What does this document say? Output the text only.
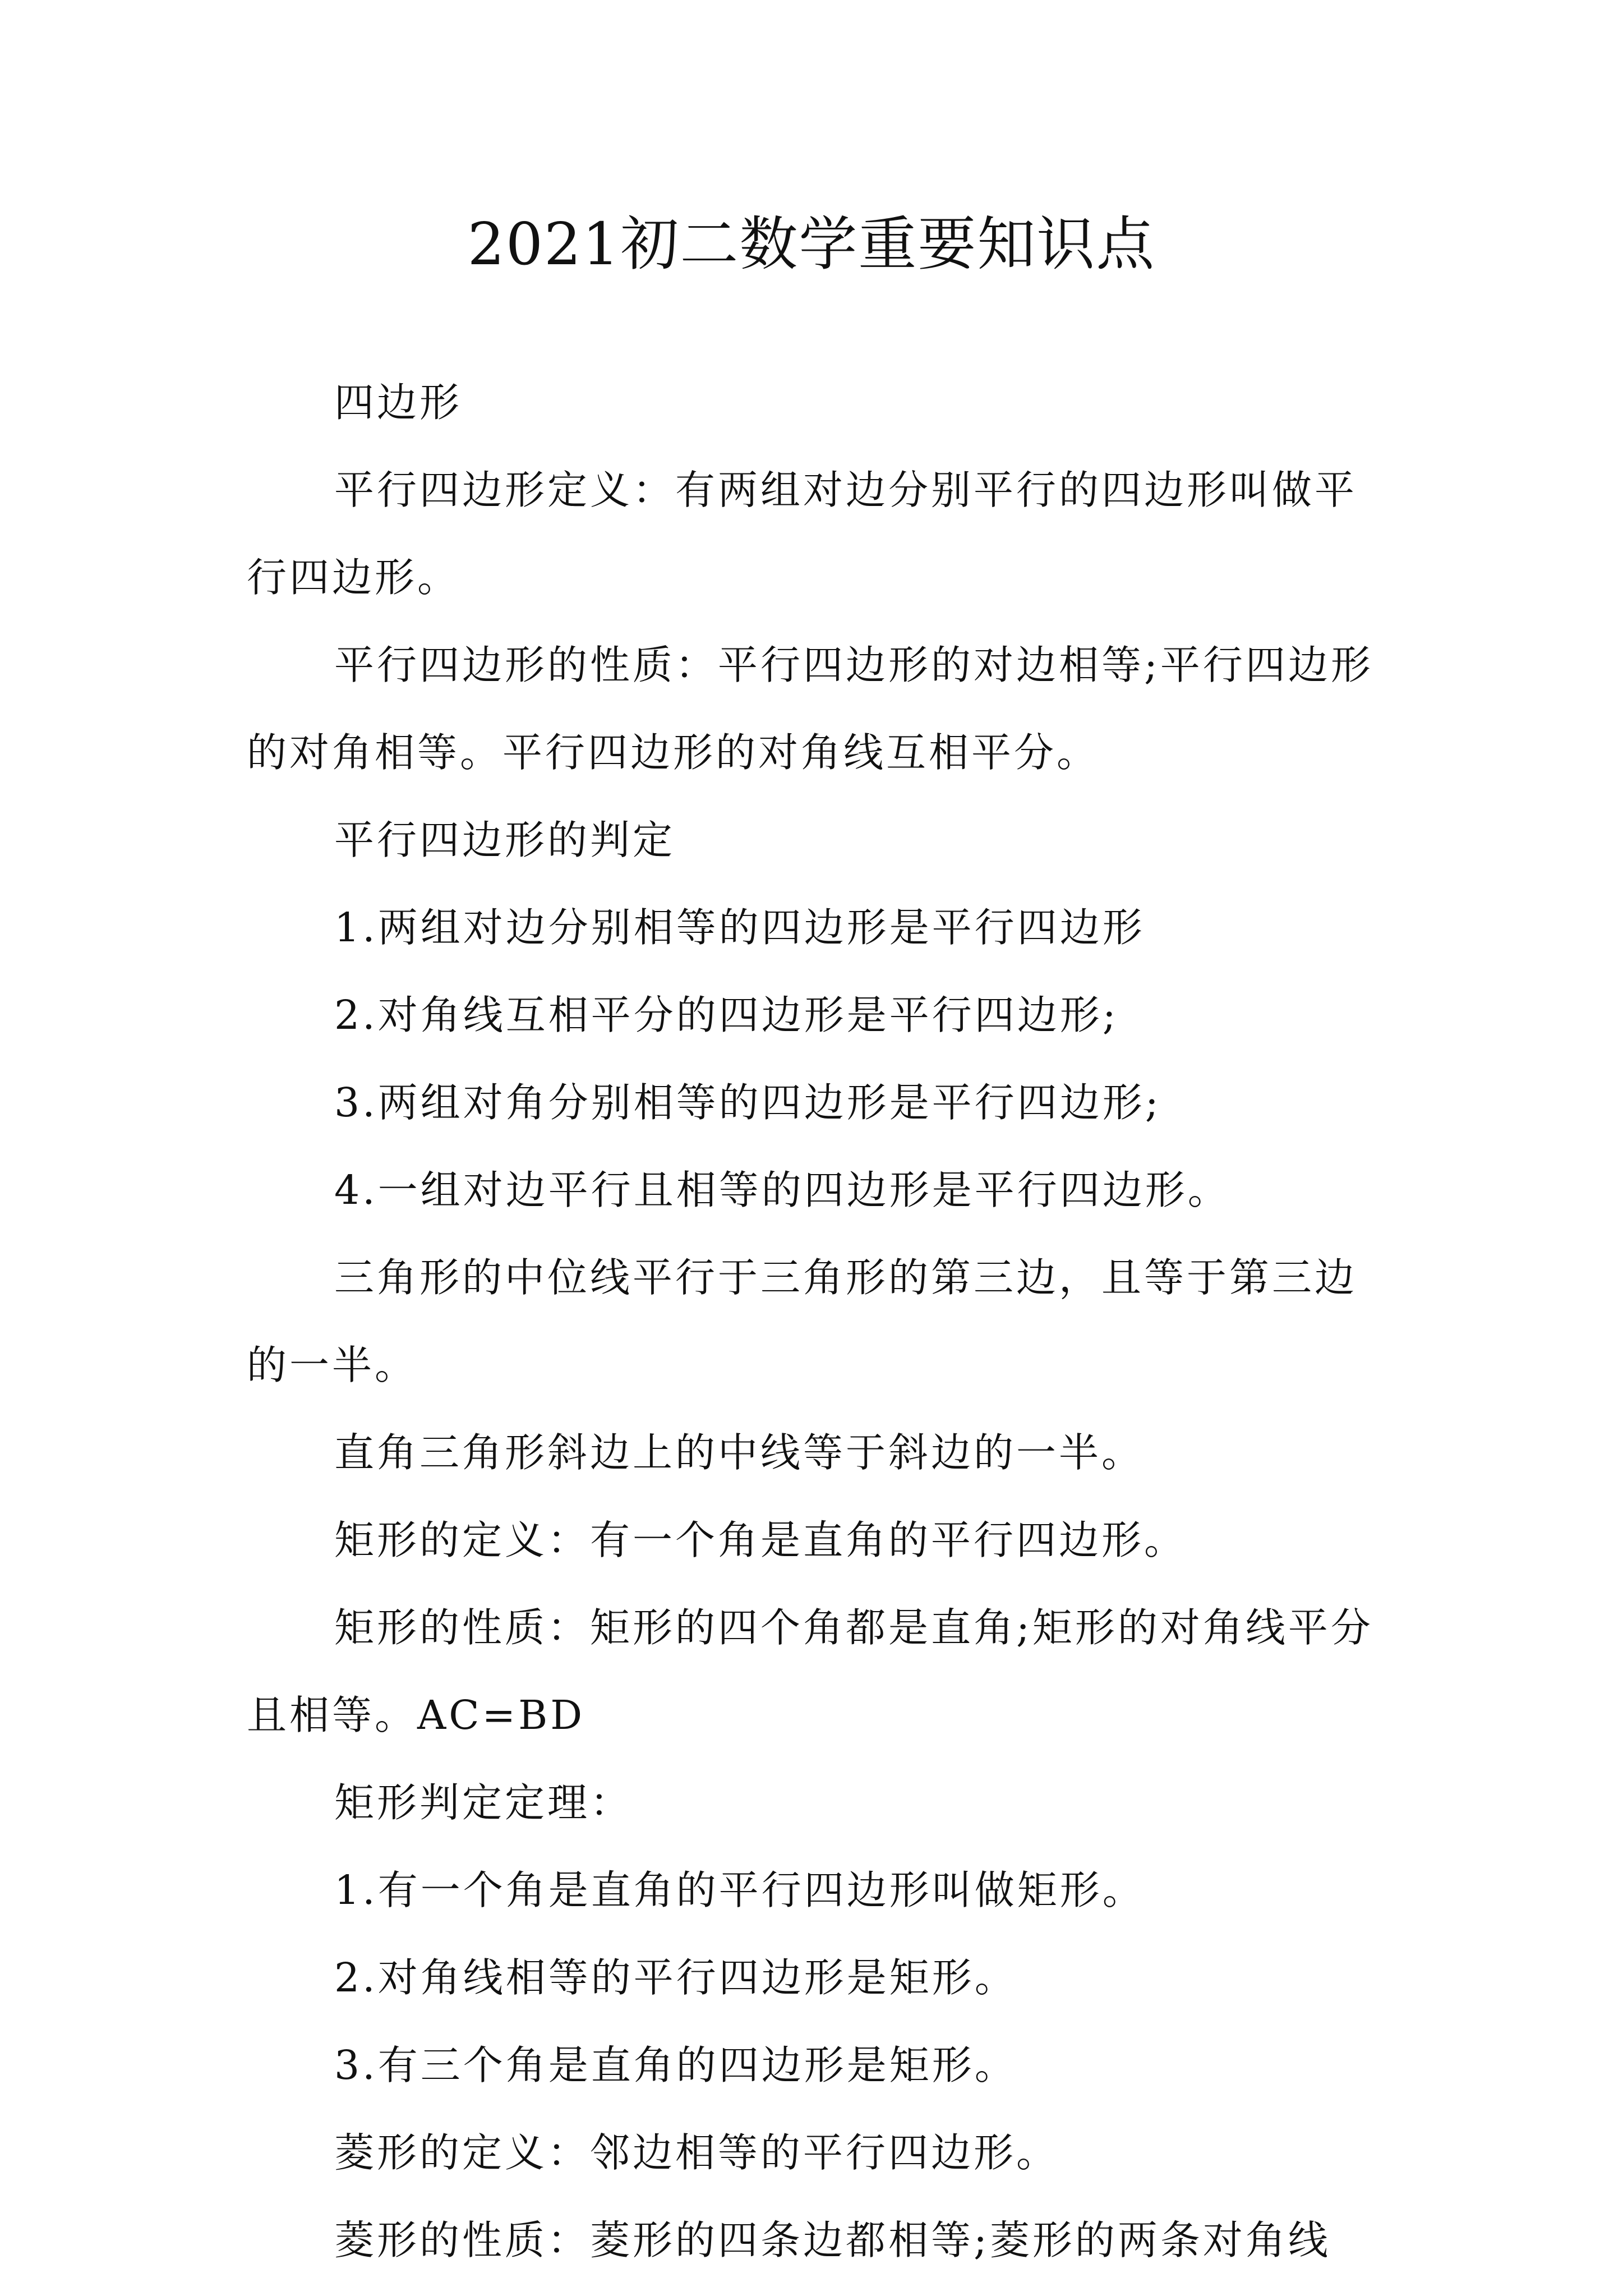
2021初二数学重要知识点

四边形

平行四边形定义：有两组对边分别平行的四边形叫做平行四边形。

平行四边形的性质：平行四边形的对边相等;平行四边形的对角相等。平行四边形的对角线互相平分。

平行四边形的判定

1.两组对边分别相等的四边形是平行四边形

2.对角线互相平分的四边形是平行四边形;

3.两组对角分别相等的四边形是平行四边形;

4.一组对边平行且相等的四边形是平行四边形。

三角形的中位线平行于三角形的第三边，且等于第三边的一半。

直角三角形斜边上的中线等于斜边的一半。

矩形的定义：有一个角是直角的平行四边形。

矩形的性质：矩形的四个角都是直角;矩形的对角线平分且相等。AC=BD

矩形判定定理：

1.有一个角是直角的平行四边形叫做矩形。

2.对角线相等的平行四边形是矩形。

3.有三个角是直角的四边形是矩形。

菱形的定义：邻边相等的平行四边形。

菱形的性质：菱形的四条边都相等;菱形的两条对角线
